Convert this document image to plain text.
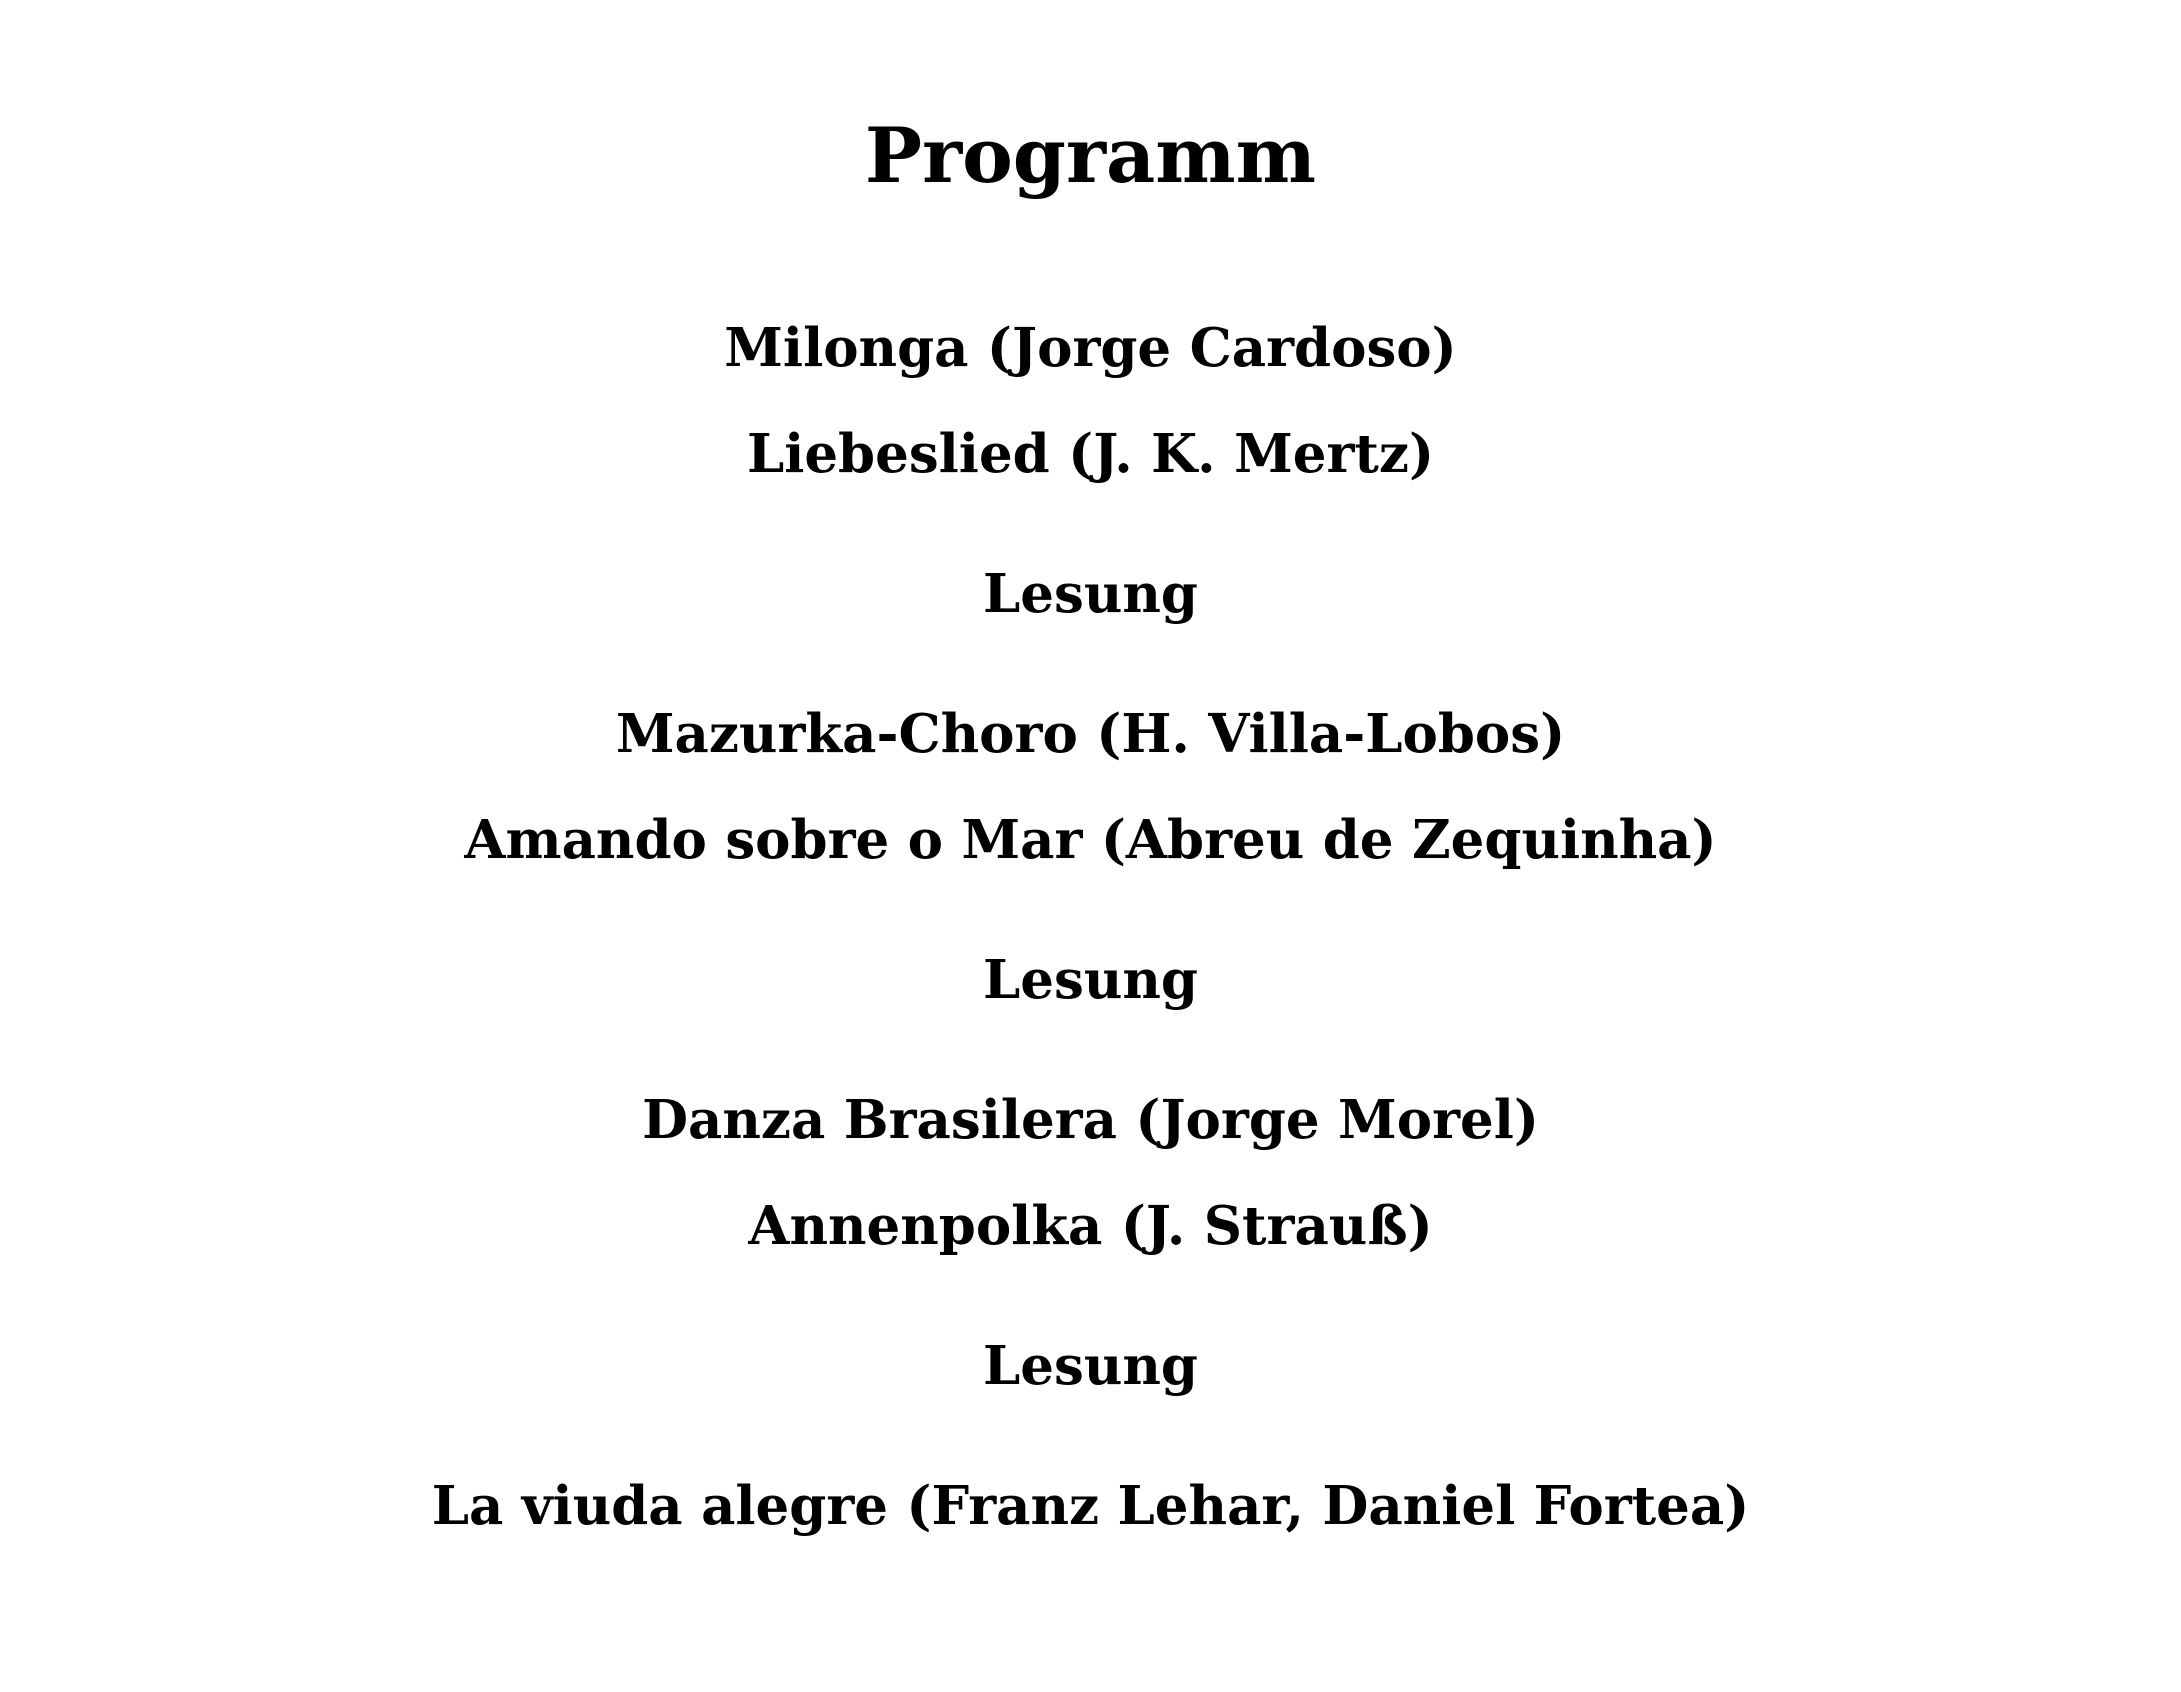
Programm
Milonga (Jorge Cardoso)
Liebeslied (J. K. Mertz)
Lesung
Mazurka-Choro (H. Villa-Lobos)
Amando sobre o Mar (Abreu de Zequinha)
Lesung
Danza Brasilera (Jorge Morel)
Annenpolka (J. Strauß)
Lesung
La viuda alegre (Franz Lehar, Daniel Fortea)
